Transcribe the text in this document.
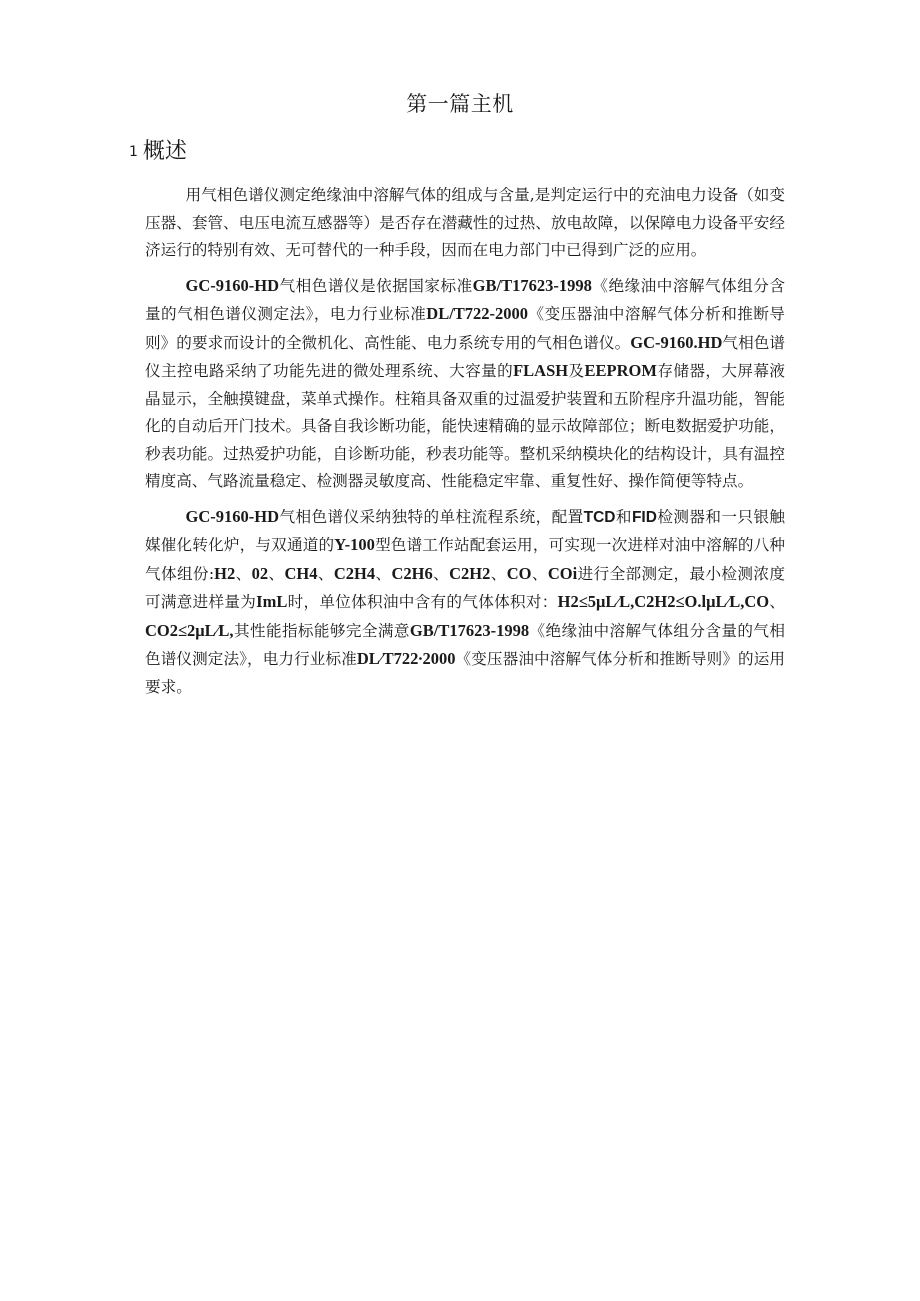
第一篇主机
1 概述

用气相色谱仪测定绝缘油中溶解气体的组成与含量,是判定运行中的充油电力设备（如变压器、套管、电压电流互感器等）是否存在潜藏性的过热、放电故障，以保障电力设备平安经济运行的特别有效、无可替代的一种手段，因而在电力部门中已得到广泛的应用。

GC-9160-HD气相色谱仪是依据国家标准GB/T17623-1998《绝缘油中溶解气体组分含量的气相色谱仪测定法》，电力行业标准DL/T722-2000《变压器油中溶解气体分析和推断导则》的要求而设计的全微机化、高性能、电力系统专用的气相色谱仪。GC-9160.HD气相色谱仪主控电路采纳了功能先进的微处理系统、大容量的FLASH及EEPROM存储器，大屏幕液晶显示，全触摸键盘，菜单式操作。柱箱具备双重的过温爱护装置和五阶程序升温功能，智能化的自动后开门技术。具备自我诊断功能，能快速精确的显示故障部位；断电数据爱护功能，秒表功能。过热爱护功能，自诊断功能，秒表功能等。整机采纳模块化的结构设计，具有温控精度高、气路流量稳定、检测器灵敏度高、性能稳定牢靠、重复性好、操作简便等特点。

GC-9160-HD气相色谱仪采纳独特的单柱流程系统，配置TCD和FID检测器和一只银触媒催化转化炉，与双通道的Y-100型色谱工作站配套运用，可实现一次进样对油中溶解的八种气体组份:H2、02、CH4、C2H4、C2H6、C2H2、CO、COi进行全部测定，最小检测浓度可满意进样量为ImL时，单位体积油中含有的气体体积对：H2≤5μL∕L,C2H2≤O.lμL∕L,CO、CO2≤2μL∕L,其性能指标能够完全满意GB/T17623-1998《绝缘油中溶解气体组分含量的气相色谱仪测定法》，电力行业标准DL∕T722∙2000《变压器油中溶解气体分析和推断导则》的运用要求。
